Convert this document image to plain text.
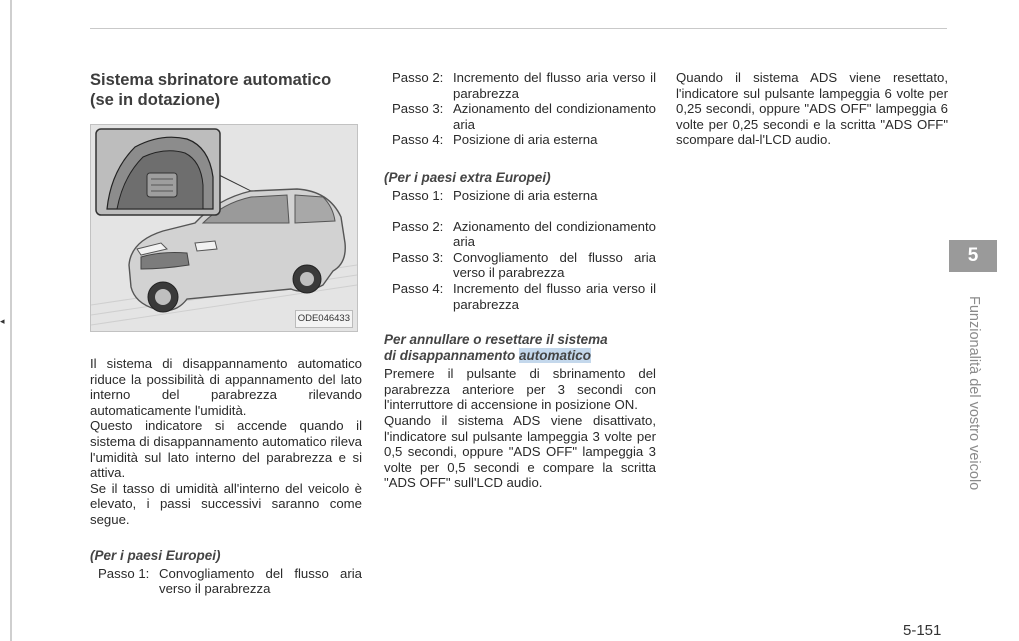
◂
Sistema sbrinatore automatico
(se in dotazione)
ODE046433

Il sistema di disappannamento automatico riduce la possibilità di appannamento del lato interno del parabrezza rilevando automaticamente l'umidità.

Questo indicatore si accende quando il sistema di disappannamento automatico rileva l'umidità sul lato interno del parabrezza e si attiva.

Se il tasso di umidità all'interno del veicolo è elevato, i passi successivi saranno come segue.

(Per i paesi Europei)
Passo 1: Convogliamento del flusso aria verso il parabrezza
Passo 2: Incremento del flusso aria verso il parabrezza
Passo 3: Azionamento del condizionamento aria
Passo 4: Posizione di aria esterna
(Per i paesi extra Europei)
Passo 1: Posizione di aria esterna
Passo 2: Azionamento del condizionamento aria
Passo 3: Convogliamento del flusso aria verso il parabrezza
Passo 4: Incremento del flusso aria verso il parabrezza
Per annullare o resettare il sistema
di disappannamento automatico

Premere il pulsante di sbrinamento del parabrezza anteriore per 3 secondi con l'interruttore di accensione in posizione ON.

Quando il sistema ADS viene disattivato, l'indicatore sul pulsante lampeggia 3 volte per 0,5 secondi, oppure "ADS OFF" lampeggia 3 volte per 0,5 secondi e compare la scritta "ADS OFF" sull'LCD audio.

Quando il sistema ADS viene resettato, l'indicatore sul pulsante lampeggia 6 volte per 0,25 secondi, oppure "ADS OFF" lampeggia 6 volte per 0,25 secondi e la scritta "ADS OFF" scompare dal-l'LCD audio.

5
Funzionalità del vostro veicolo
5-151
